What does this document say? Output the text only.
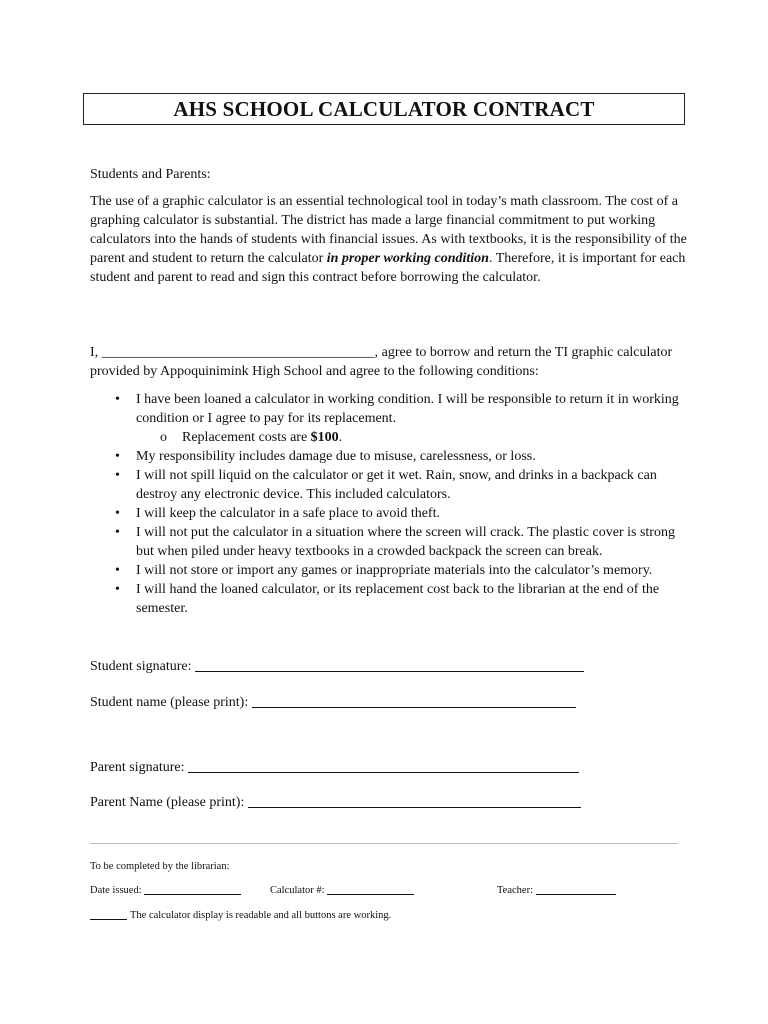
AHS SCHOOL CALCULATOR CONTRACT

Students and Parents:

The use of a graphic calculator is an essential technological tool in today’s math classroom. The cost of a graphing calculator is substantial. The district has made a large financial commitment to put working calculators into the hands of students with financial issues. As with textbooks, it is the responsibility of the parent and student to return the calculator in proper working condition. Therefore, it is important for each student and parent to read and sign this contract before borrowing the calculator.

I, _______________________________________, agree to borrow and return the TI graphic calculator provided by Appoquinimink High School and agree to the following conditions:

• I have been loaned a calculator in working condition. I will be responsible to return it in working condition or I agree to pay for its replacement.
o Replacement costs are $100.
• My responsibility includes damage due to misuse, carelessness, or loss.
• I will not spill liquid on the calculator or get it wet. Rain, snow, and drinks in a backpack can destroy any electronic device. This included calculators.
• I will keep the calculator in a safe place to avoid theft.
• I will not put the calculator in a situation where the screen will crack. The plastic cover is strong but when piled under heavy textbooks in a crowded backpack the screen can break.
• I will not store or import any games or inappropriate materials into the calculator’s memory.
• I will hand the loaned calculator, or its replacement cost back to the librarian at the end of the semester.
Student signature:
Student name (please print):
Parent signature:
Parent Name (please print):
To be completed by the librarian:
Date issued:	Calculator #:	Teacher:
The calculator display is readable and all buttons are working.
